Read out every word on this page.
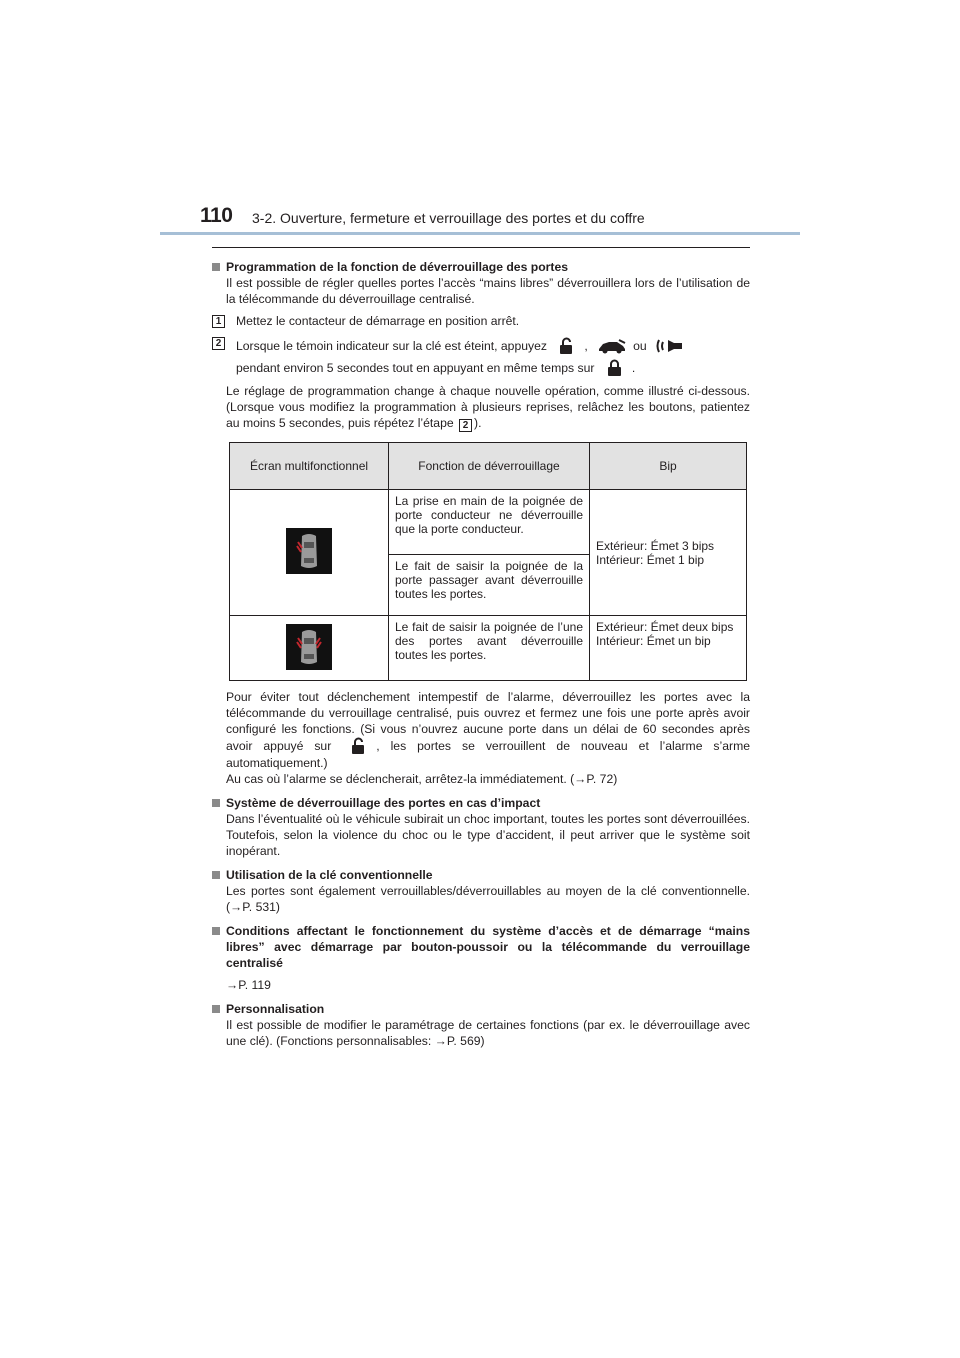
110 3-2. Ouverture, fermeture et verrouillage des portes et du coffre
Programmation de la fonction de déverrouillage des portes
Il est possible de régler quelles portes l’accès “mains libres” déverrouillera lors de l’utilisation de la télécommande du déverrouillage centralisé.
1	Mettez le contacteur de démarrage en position arrêt.
2	Lorsque le témoin indicateur sur la clé est éteint, appuyez	,	ou
pendant environ 5 secondes tout en appuyant en même temps sur	.
Le réglage de programmation change à chaque nouvelle opération, comme illustré ci-dessous. (Lorsque vous modifiez la programmation à plusieurs reprises, relâchez les boutons, patientez au moins 5 secondes, puis répétez l’étape 2 ).
Écran multifonctionnel	Fonction de déverrouillage	Bip
	La prise en main de la poignée de porte conducteur ne déverrouille que la porte conducteur.	Extérieur: Émet 3 bips
Intérieur: Émet 1 bip

	Le fait de saisir la poignée de la porte passager avant déverrouille toutes les portes.	
	Le fait de saisir la poignée de l’une des portes avant déverrouille toutes les portes.	Extérieur: Émet deux bips
Intérieur: Émet un bip
Pour éviter tout déclenchement intempestif de l’alarme, déverrouillez les portes avec la télécommande du verrouillage centralisé, puis ouvrez et fermez une fois une porte après avoir configuré les fonctions. (Si vous n’ouvrez aucune porte dans un délai de 60 secondes après avoir appuyé sur	, les portes se verrouillent de nouveau et l’alarme s’arme automatiquement.)
Au cas où l’alarme se déclencherait, arrêtez-la immédiatement. (→P. 72)
Système de déverrouillage des portes en cas d’impact
Dans l’éventualité où le véhicule subirait un choc important, toutes les portes sont déverrouillées. Toutefois, selon la violence du choc ou le type d’accident, il peut arriver que le système soit inopérant.
Utilisation de la clé conventionnelle
Les portes sont également verrouillables/déverrouillables au moyen de la clé conventionnelle. (→P. 531)
Conditions affectant le fonctionnement du système d’accès et de démarrage “mains libres” avec démarrage par bouton-poussoir ou la télécommande du verrouillage centralisé
→P. 119
Personnalisation
Il est possible de modifier le paramétrage de certaines fonctions (par ex. le déverrouillage avec une clé). (Fonctions personnalisables: →P. 569)
